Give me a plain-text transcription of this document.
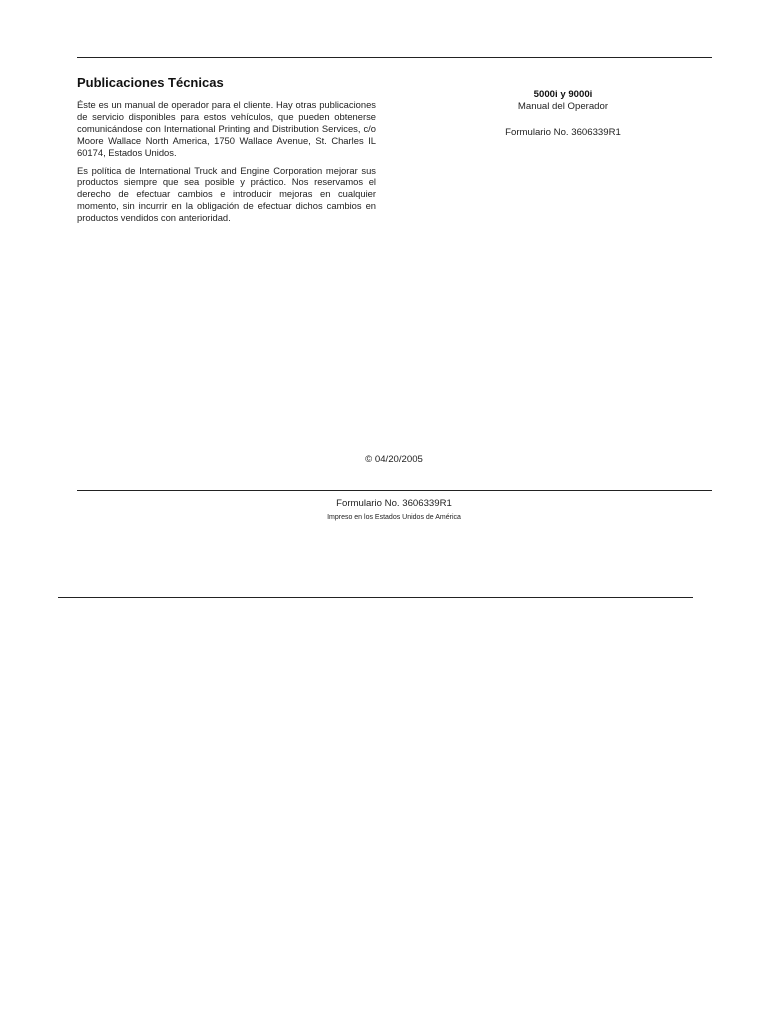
Publicaciones Técnicas

Éste es un manual de operador para el cliente. Hay otras publicaciones de servicio disponibles para estos vehículos, que pueden obtenerse comunicándose con International Printing and Distribution Services, c/o Moore Wallace North America, 1750 Wallace Avenue, St. Charles IL 60174, Estados Unidos.

Es política de International Truck and Engine Corporation mejorar sus productos siempre que sea posible y práctico. Nos reservamos el derecho de efectuar cambios e introducir mejoras en cualquier momento, sin incurrir en la obligación de efectuar dichos cambios en productos vendidos con anterioridad.

5000i y 9000i
Manual del Operador
Formulario No. 3606339R1
© 04/20/2005
Formulario No. 3606339R1
Impreso en los Estados Unidos de América
